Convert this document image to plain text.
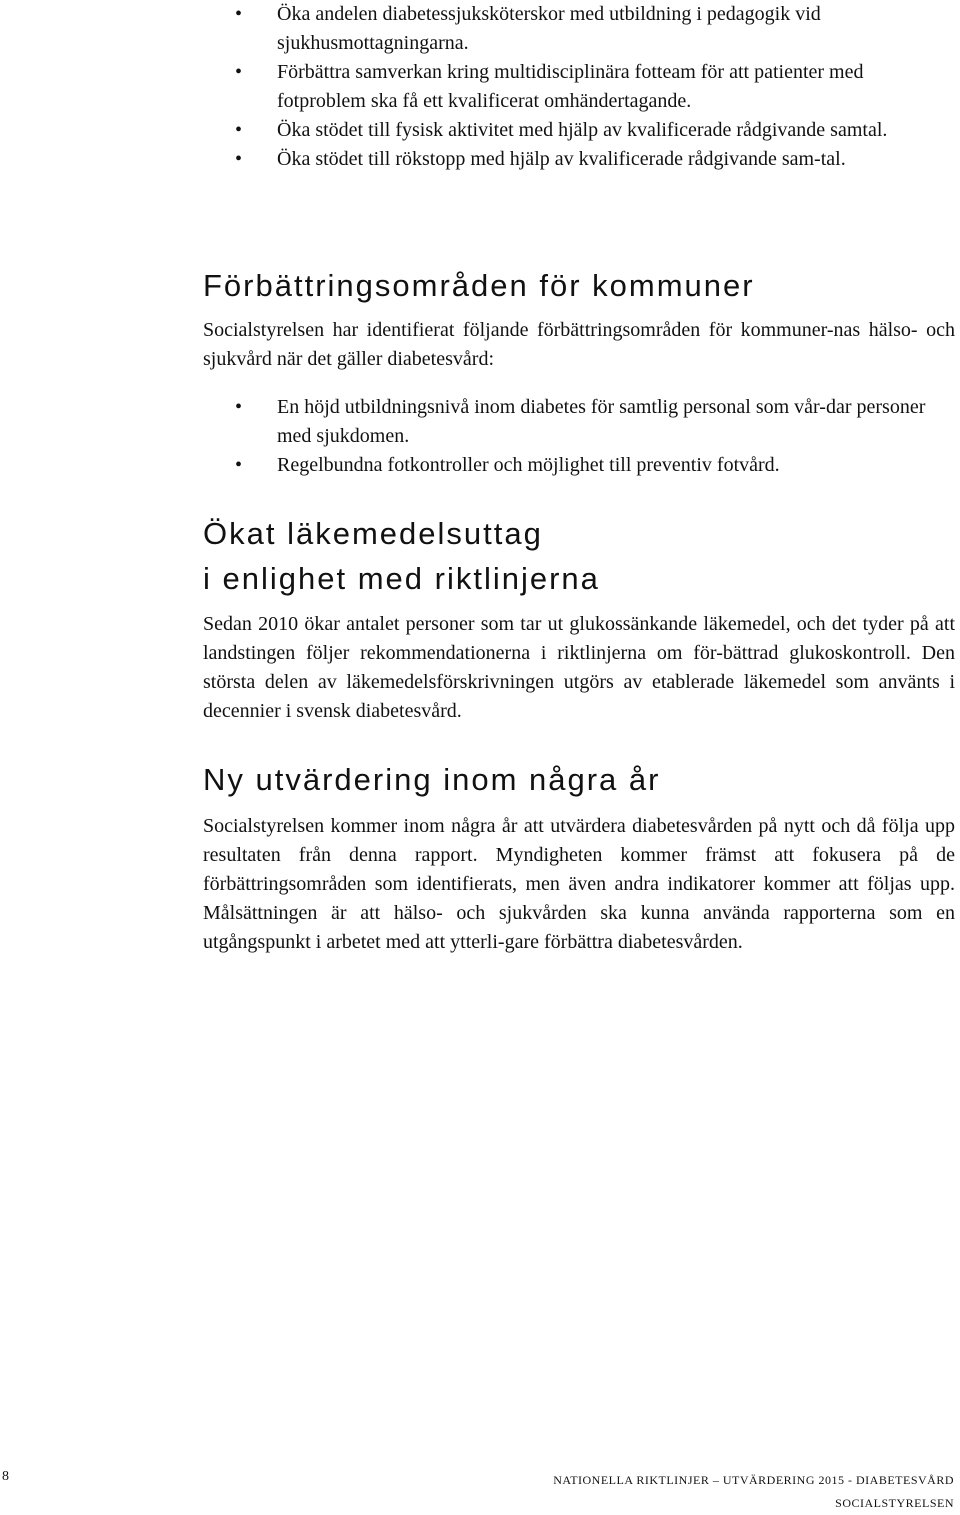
• Öka andelen diabetessjuksköterskor med utbildning i pedagogik vid sjukhusmottagningarna.
• Förbättra samverkan kring multidisciplinära fotteam för att patienter med fotproblem ska få ett kvalificerat omhändertagande.
• Öka stödet till fysisk aktivitet med hjälp av kvalificerade rådgivande samtal.
• Öka stödet till rökstopp med hjälp av kvalificerade rådgivande sam-tal.
Förbättringsområden för kommuner

Socialstyrelsen har identifierat följande förbättringsområden för kommuner-nas hälso- och sjukvård när det gäller diabetesvård:

• En höjd utbildningsnivå inom diabetes för samtlig personal som vår-dar personer med sjukdomen.
• Regelbundna fotkontroller och möjlighet till preventiv fotvård.
Ökat läkemedelsuttag
i enlighet med riktlinjerna

Sedan 2010 ökar antalet personer som tar ut glukossänkande läkemedel, och det tyder på att landstingen följer rekommendationerna i riktlinjerna om för-bättrad glukoskontroll. Den största delen av läkemedelsförskrivningen utgörs av etablerade läkemedel som använts i decennier i svensk diabetesvård.

Ny utvärdering inom några år

Socialstyrelsen kommer inom några år att utvärdera diabetesvården på nytt och då följa upp resultaten från denna rapport. Myndigheten kommer främst att fokusera på de förbättringsområden som identifierats, men även andra indikatorer kommer att följas upp. Målsättningen är att hälso- och sjukvården ska kunna använda rapporterna som en utgångspunkt i arbetet med att ytterli-gare förbättra diabetesvården.

8	NATIONELLA RIKTLINJER – UTVÄRDERING 2015 - DIABETESVÅRD
SOCIALSTYRELSEN
